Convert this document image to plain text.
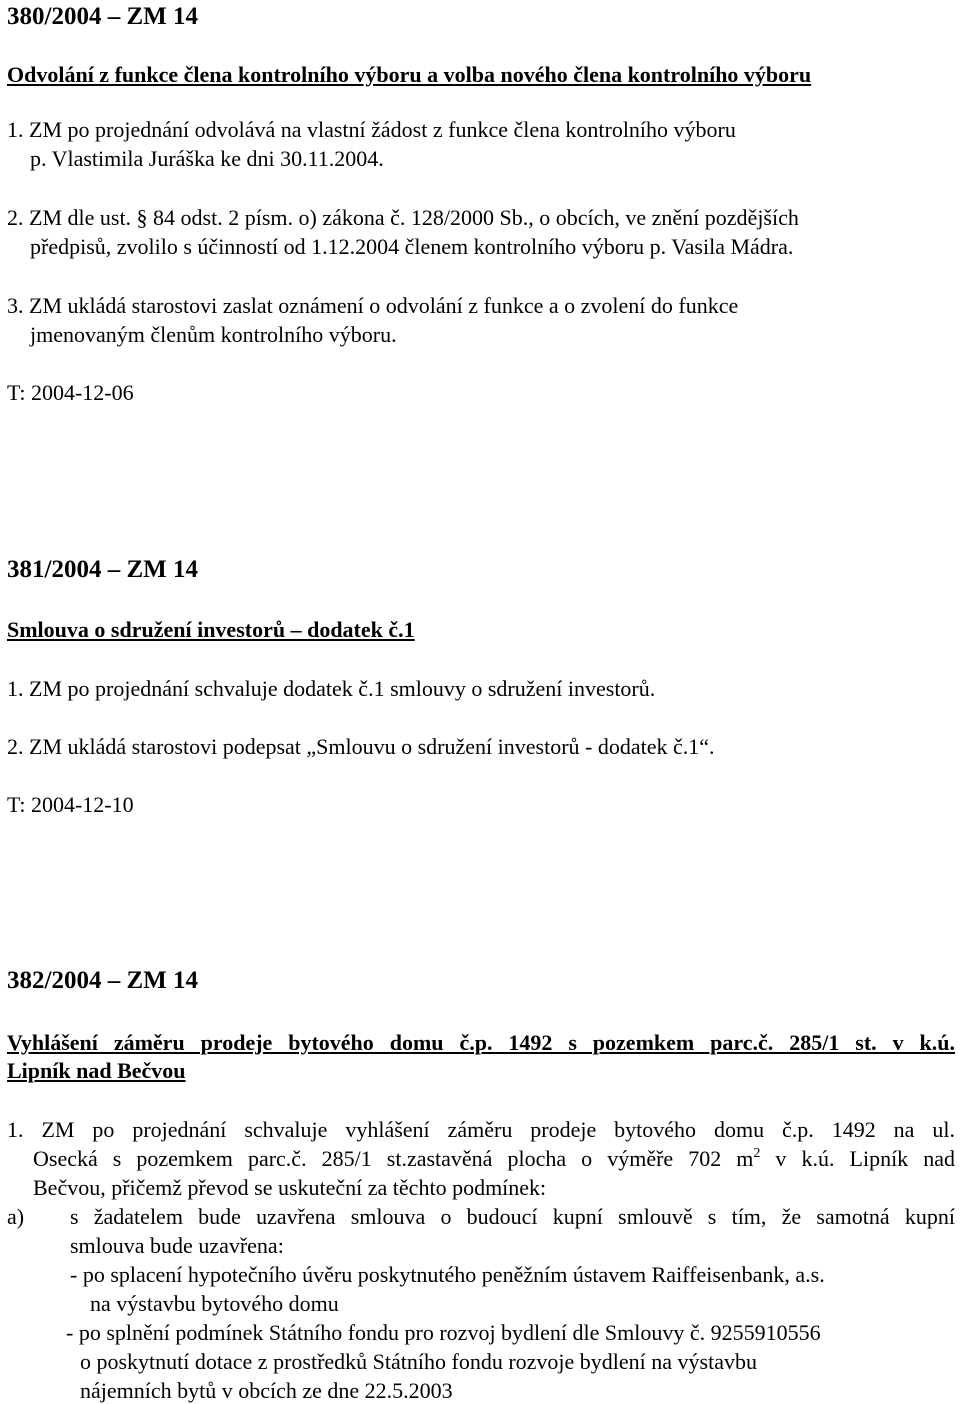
380/2004 – ZM 14
Odvolání z funkce člena kontrolního výboru a volba nového člena kontrolního výboru
1. ZM po projednání odvolává na vlastní žádost z funkce člena kontrolního výboru
p. Vlastimila Juráška ke dni 30.11.2004.
2. ZM dle ust. § 84 odst. 2 písm. o) zákona č. 128/2000 Sb., o obcích, ve znění pozdějších
předpisů, zvolilo s účinností od 1.12.2004 členem kontrolního výboru p. Vasila Mádra.
3. ZM ukládá starostovi zaslat oznámení o odvolání z funkce a o zvolení do funkce
jmenovaným členům kontrolního výboru.
T: 2004-12-06
381/2004 – ZM 14
Smlouva o sdružení investorů – dodatek č.1
1. ZM po projednání schvaluje dodatek č.1 smlouvy o sdružení investorů.
2. ZM ukládá starostovi podepsat „Smlouvu o sdružení investorů - dodatek č.1“.
T: 2004-12-10
382/2004 – ZM 14
Vyhlášení záměru prodeje bytového domu č.p. 1492 s pozemkem parc.č. 285/1 st. v k.ú.
Lipník nad Bečvou
1. ZM po projednání schvaluje vyhlášení záměru prodeje bytového domu č.p. 1492 na ul.
Osecká s pozemkem parc.č. 285/1 st.zastavěná plocha o výměře 702 $m^2$ v k.ú. Lipník nad
Bečvou, přičemž převod se uskuteční za těchto podmínek:
a) s žadatelem bude uzavřena smlouva o budoucí kupní smlouvě s tím, že samotná kupní
smlouva bude uzavřena:
- po splacení hypotečního úvěru poskytnutého peněžním ústavem Raiffeisenbank, a.s.
na výstavbu bytového domu
- po splnění podmínek Státního fondu pro rozvoj bydlení dle Smlouvy č. 9255910556
o poskytnutí dotace z prostředků Státního fondu rozvoje bydlení na výstavbu
nájemních bytů v obcích ze dne 22.5.2003
